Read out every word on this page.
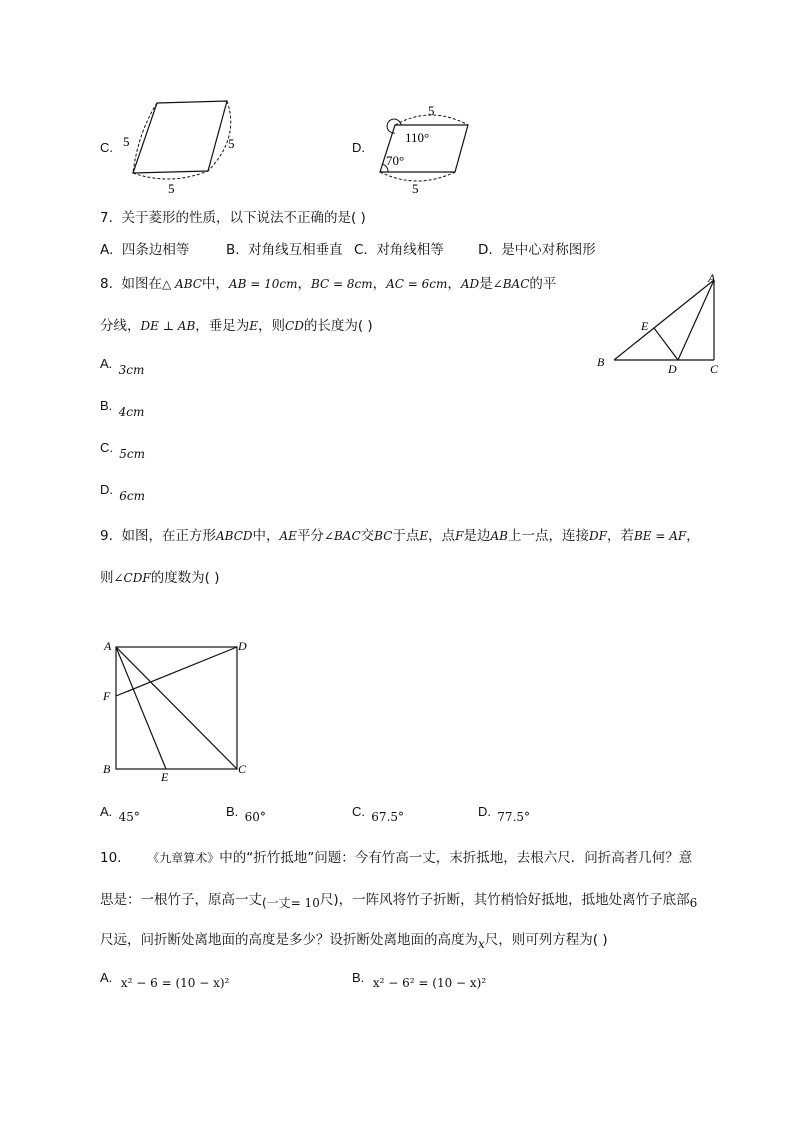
C. 5	5
5
D.
5
110°
70°
5
7. 关于菱形的性质，以下说法不正确的是( )
A. 四条边相等	B. 对角线互相垂直 C. 对角线相等	D. 是中心对称图形
8. 如图在△ ABC中，AB = 10cm，BC = 8cm，AC = 6cm，AD是∠BAC的平
分线，DE ⊥ AB，垂足为E，则CD的长度为( )
A
E
B	D	C
A. 3cm
B. 4cm
C. 5cm
D. 6cm
9. 如图，在正方形ABCD中，AE平分∠BAC交BC于点E，点F是边AB上一点，连接DF，若BE = AF，
则∠CDF的度数为( )
A	D
F
B
E
C
A. 45°	B. 60°	C. 67.5°	D. 77.5°
10. 《九章算术》中的“折竹抵地”问题：今有竹高一丈，末折抵地，去根六尺．问折高者几何？意
思是：一根竹子，原高一丈(一丈= 10尺)，一阵风将竹子折断，其竹梢恰好抵地，抵地处离竹子底部6
尺远，问折断处离地面的高度是多少？设折断处离地面的高度为x尺，则可列方程为( )
A. x² − 6 = (10 − x)²	B. x² − 6² = (10 − x)²
